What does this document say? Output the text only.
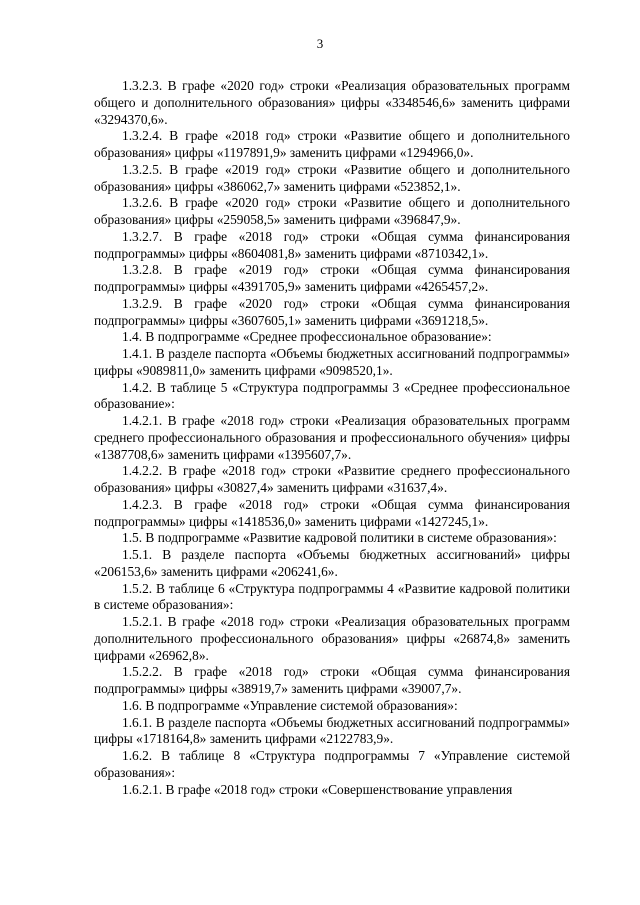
3

1.3.2.3. В графе «2020 год» строки «Реализация образовательных программ общего и дополнительного образования» цифры «3348546,6» заменить цифрами «3294370,6».

1.3.2.4. В графе «2018 год» строки «Развитие общего и дополнительного образования» цифры «1197891,9» заменить цифрами «1294966,0».

1.3.2.5. В графе «2019 год» строки «Развитие общего и дополнительного образования» цифры «386062,7» заменить цифрами «523852,1».

1.3.2.6. В графе «2020 год» строки «Развитие общего и дополнительного образования» цифры «259058,5» заменить цифрами «396847,9».

1.3.2.7. В графе «2018 год» строки «Общая сумма финансирования подпрограммы» цифры «8604081,8» заменить цифрами «8710342,1».

1.3.2.8. В графе «2019 год» строки «Общая сумма финансирования подпрограммы» цифры «4391705,9» заменить цифрами «4265457,2».

1.3.2.9. В графе «2020 год» строки «Общая сумма финансирования подпрограммы» цифры «3607605,1» заменить цифрами «3691218,5».

1.4. В подпрограмме «Среднее профессиональное образование»:

1.4.1. В разделе паспорта «Объемы бюджетных ассигнований подпрограммы» цифры «9089811,0» заменить цифрами «9098520,1».

1.4.2. В таблице 5 «Структура подпрограммы 3 «Среднее профессиональное образование»:

1.4.2.1. В графе «2018 год» строки «Реализация образовательных программ среднего профессионального образования и профессионального обучения» цифры «1387708,6» заменить цифрами «1395607,7».

1.4.2.2. В графе «2018 год» строки «Развитие среднего профессионального образования» цифры «30827,4» заменить цифрами «31637,4».

1.4.2.3. В графе «2018 год» строки «Общая сумма финансирования подпрограммы» цифры «1418536,0» заменить цифрами «1427245,1».

1.5. В подпрограмме «Развитие кадровой политики в системе образования»:

1.5.1. В разделе паспорта «Объемы бюджетных ассигнований» цифры «206153,6» заменить цифрами «206241,6».

1.5.2. В таблице 6 «Структура подпрограммы 4 «Развитие кадровой политики в системе образования»:

1.5.2.1. В графе «2018 год» строки «Реализация образовательных программ дополнительного профессионального образования» цифры «26874,8» заменить цифрами «26962,8».

1.5.2.2. В графе «2018 год» строки «Общая сумма финансирования подпрограммы» цифры «38919,7» заменить цифрами «39007,7».

1.6. В подпрограмме «Управление системой образования»:

1.6.1. В разделе паспорта «Объемы бюджетных ассигнований подпрограммы» цифры «1718164,8» заменить цифрами «2122783,9».

1.6.2. В таблице 8 «Структура подпрограммы 7 «Управление системой образования»:

1.6.2.1. В графе «2018 год» строки «Совершенствование управления
